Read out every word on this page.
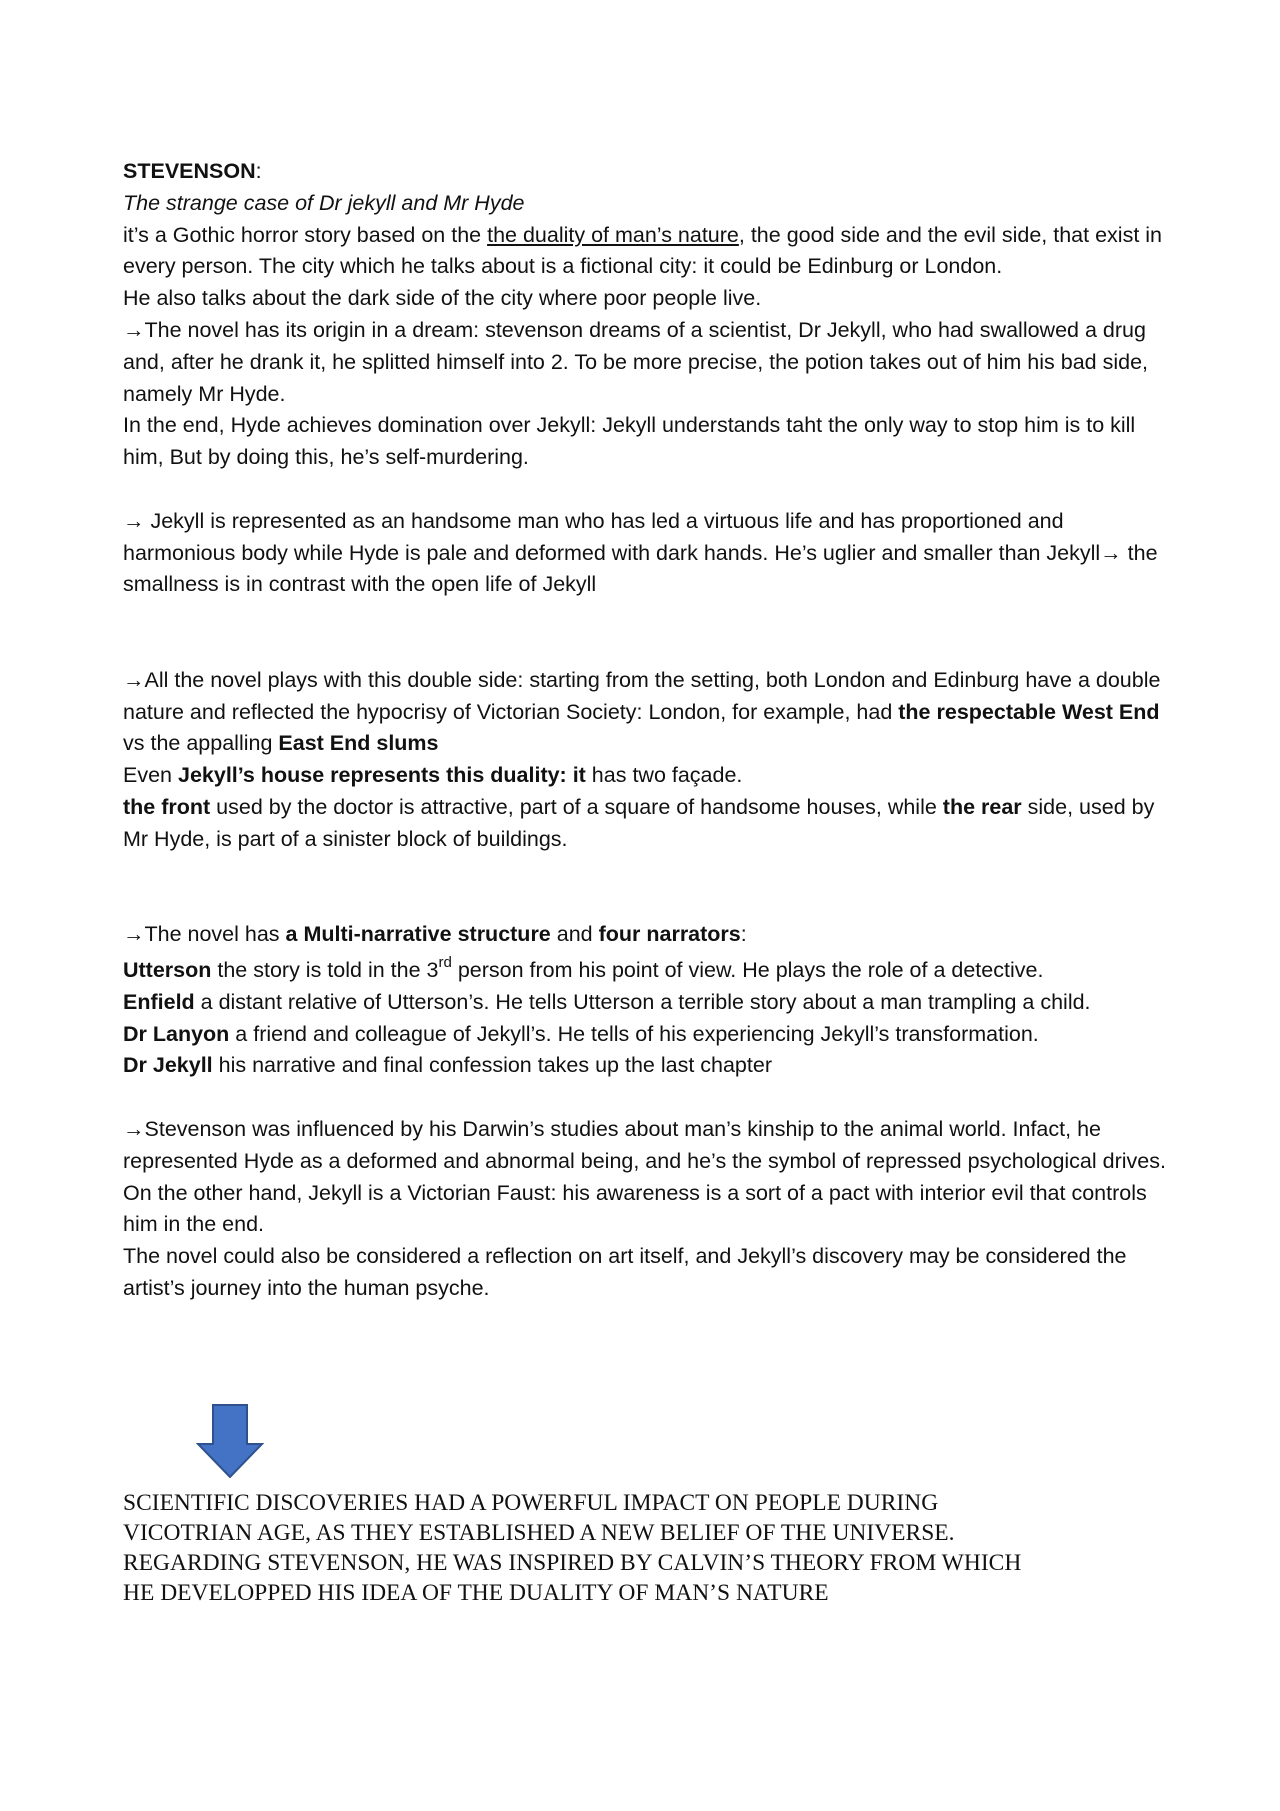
STEVENSON:

The strange case of Dr jekyll and Mr Hyde

it’s a Gothic horror story based on the the duality of man’s nature, the good side and the evil side, that exist in every person. The city which he talks about is a fictional city: it could be Edinburg or London.

He also talks about the dark side of the city where poor people live.

→The novel has its origin in a dream: stevenson dreams of a scientist, Dr Jekyll, who had swallowed a drug and, after he drank it, he splitted himself into 2. To be more precise, the potion takes out of him his bad side, namely Mr Hyde.

In the end, Hyde achieves domination over Jekyll: Jekyll understands taht the only way to stop him is to kill him, But by doing this, he’s self-murdering.

→ Jekyll is represented as an handsome man who has led a virtuous life and has proportioned and harmonious body while Hyde is pale and deformed with dark hands. He’s uglier and smaller than Jekyll→ the smallness is in contrast with the open life of Jekyll

→All the novel plays with this double side: starting from the setting, both London and Edinburg have a double nature and reflected the hypocrisy of Victorian Society: London, for example, had the respectable West End vs the appalling East End slums

Even Jekyll’s house represents this duality: it has two façade.

the front used by the doctor is attractive, part of a square of handsome houses, while the rear side, used by Mr Hyde, is part of a sinister block of buildings.

→The novel has a Multi-narrative structure and four narrators:

Utterson the story is told in the 3rd person from his point of view. He plays the role of a detective.

Enfield a distant relative of Utterson’s. He tells Utterson a terrible story about a man trampling a child.

Dr Lanyon a friend and colleague of Jekyll’s. He tells of his experiencing Jekyll’s transformation.

Dr Jekyll his narrative and final confession takes up the last chapter

→Stevenson was influenced by his Darwin’s studies about man’s kinship to the animal world. Infact, he represented Hyde as a deformed and abnormal being, and he’s the symbol of repressed psychological drives.

On the other hand, Jekyll is a Victorian Faust: his awareness is a sort of a pact with interior evil that controls him in the end.

The novel could also be considered a reflection on art itself, and Jekyll’s discovery may be considered the artist’s journey into the human psyche.

SCIENTIFIC DISCOVERIES HAD A POWERFUL IMPACT ON PEOPLE DURING

VICOTRIAN AGE, AS THEY ESTABLISHED A NEW BELIEF OF THE UNIVERSE.

REGARDING STEVENSON, HE WAS INSPIRED BY CALVIN’S THEORY FROM WHICH

HE DEVELOPPED HIS IDEA OF THE DUALITY OF MAN’S NATURE
